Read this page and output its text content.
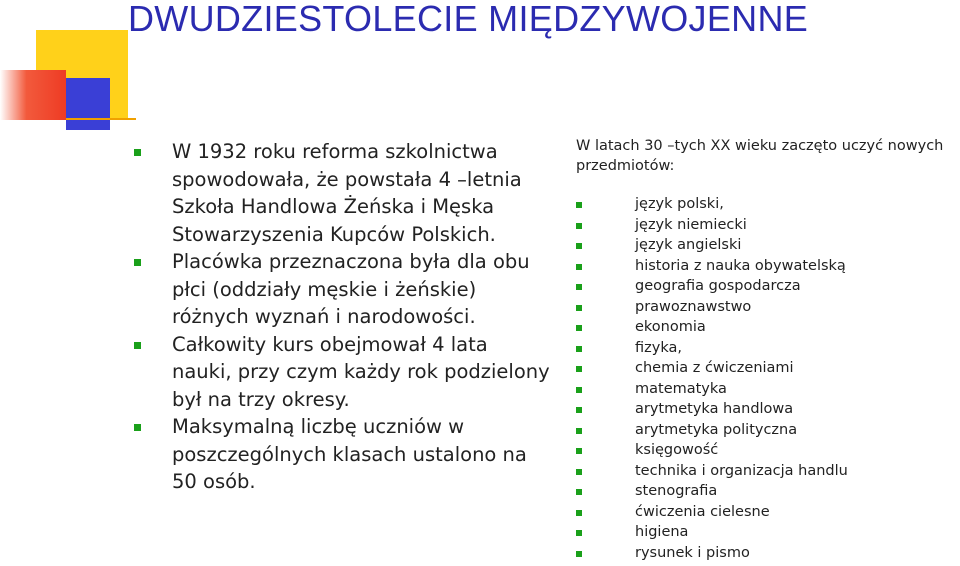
DWUDZIESTOLECIE MIĘDZYWOJENNE
W 1932 roku reforma szkolnictwa spowodowała, że powstała 4 –letnia Szkoła Handlowa Żeńska i Męska Stowarzyszenia Kupców Polskich.
Placówka przeznaczona była dla obu płci (oddziały męskie i żeńskie) różnych wyznań i narodowości.
Całkowity kurs obejmował 4 lata nauki, przy czym każdy rok podzielony był na trzy okresy.
Maksymalną liczbę uczniów w poszczególnych klasach ustalono na 50 osób.

W latach 30 –tych XX wieku zaczęto uczyć nowych przedmiotów:

język polski,
język niemiecki
język angielski
historia z nauka obywatelską
geografia gospodarcza
prawoznawstwo
ekonomia
fizyka,
chemia z ćwiczeniami
matematyka
arytmetyka handlowa
arytmetyka polityczna
księgowość
technika i organizacja handlu
stenografia
ćwiczenia cielesne
higiena
rysunek i pismo
